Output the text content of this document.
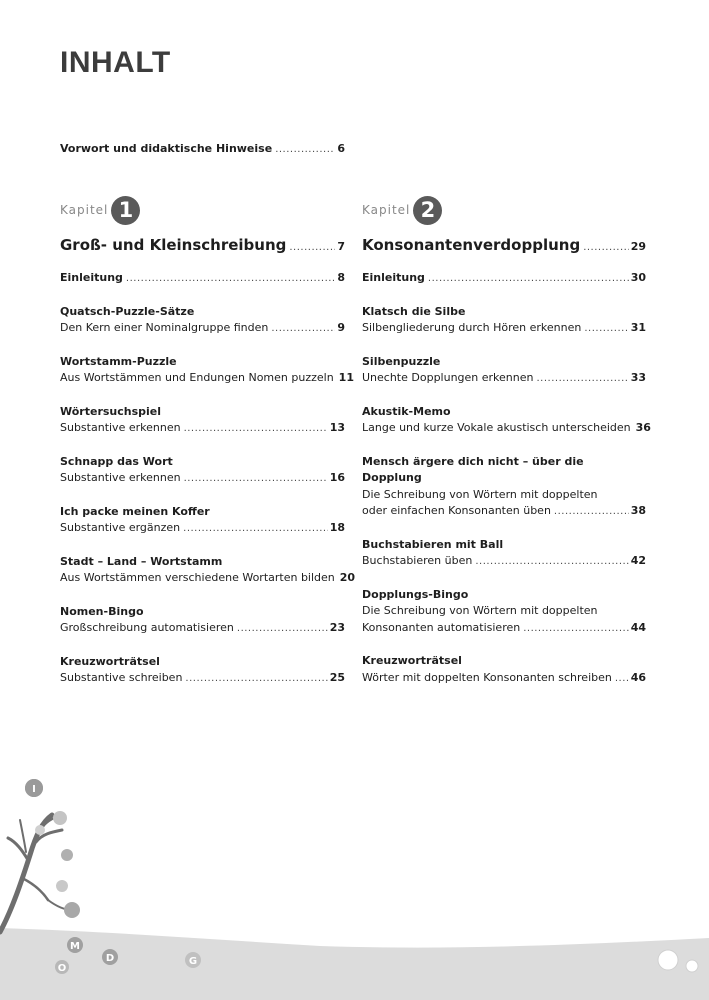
INHALT
Vorwort und didaktische Hinweise .....	6
Kapitel 1
Groß- und Kleinschreibung .....	7
Einleitung .....	8
Quatsch-Puzzle-Sätze
Den Kern einer Nominalgruppe finden .....	9
Wortstamm-Puzzle
Aus Wortstämmen und Endungen Nomen puzzeln 11
Wörtersuchspiel
Substantive erkennen .....	13
Schnapp das Wort
Substantive erkennen .....	16
Ich packe meinen Koffer
Substantive ergänzen .....	18
Stadt – Land – Wortstamm
Aus Wortstämmen verschiedene Wortarten bilden 20
Nomen-Bingo
Großschreibung automatisieren .....	23
Kreuzworträtsel
Substantive schreiben .....	25
Kapitel 2
Konsonantenverdopplung .....	29
Einleitung .....	30
Klatsch die Silbe
Silbengliederung durch Hören erkennen .....	31
Silbenpuzzle
Unechte Dopplungen erkennen .....	33
Akustik-Memo
Lange und kurze Vokale akustisch unterscheiden 36
Mensch ärgere dich nicht – über die Dopplung
Die Schreibung von Wörtern mit doppelten
oder einfachen Konsonanten üben .....	38
Buchstabieren mit Ball
Buchstabieren üben .....	42
Dopplungs-Bingo
Die Schreibung von Wörtern mit doppelten
Konsonanten automatisieren .....	44
Kreuzworträtsel
Wörter mit doppelten Konsonanten schreiben ..... 46
I
M
O
D	G
